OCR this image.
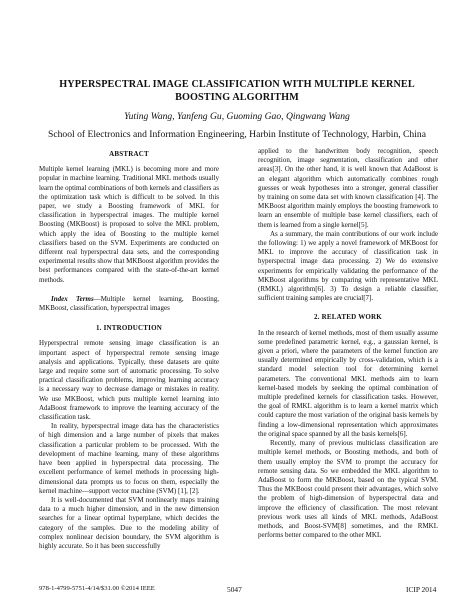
HYPERSPECTRAL IMAGE CLASSIFICATION WITH MULTIPLE KERNEL BOOSTING ALGORITHM
Yuting Wang, Yanfeng Gu, Guoming Gao, Qingwang Wang
School of Electronics and Information Engineering, Harbin Institute of Technology, Harbin, China
ABSTRACT

Multiple kernel learning (MKL) is becoming more and more popular in machine learning. Traditional MKL methods usually learn the optimal combinations of both kernels and classifiers as the optimization task which is difficult to be solved. In this paper, we study a Boosting framework of MKL for classification in hyperspectral images. The multiple kernel Boosting (MKBoost) is proposed to solve the MKL problem, which apply the idea of Boosting to the multiple kernel classifiers based on the SVM. Experiments are conducted on different real hyperspectral data sets, and the corresponding experimental results show that MKBoost algorithm provides the best performances compared with the state-of-the-art kernel methods.

Index Terms—Multiple kernel learning, Boosting, MKBoost, classification, hyperspectral images

1. INTRODUCTION

Hyperspectral remote sensing image classification is an important aspect of hyperspectral remote sensing image analysis and applications. Typically, these datasets are quite large and require some sort of automatic processing. To solve practical classification problems, improving learning accuracy is a necessary way to decrease damage or mistakes in reality. We use MKBoost, which puts multiple kernel learning into AdaBoost framework to improve the learning accuracy of the classification task.

In reality, hyperspectral image data has the characteristics of high dimension and a large number of pixels that makes classification a particular problem to be processed. With the development of machine learning, many of these algorithms have been applied in hyperspectral data processing. The excellent performance of kernel methods in processing high-dimensional data prompts us to focus on them, especially the kernel machine—support vector machine (SVM) [1], [2].

It is well-documented that SVM nonlinearly maps training data to a much higher dimension, and in the new dimension searches for a linear optimal hyperplane, which decides the category of the samples. Due to the modeling ability of complex nonlinear decision boundary, the SVM algorithm is highly accurate. So it has been successfully

applied to the handwritten body recognition, speech recognition, image segmentation, classification and other areas[3]. On the other hand, it is well known that AdaBoost is an elegant algorithm which automatically combines rough guesses or weak hypotheses into a stronger, general classifier by training on some data set with known classification [4]. The MKBoost algorithm mainly employs the boosting framework to learn an ensemble of multiple base kernel classifiers, each of them is learned from a single kernel[5].

As a summary, the main contributions of our work include the following: 1) we apply a novel framework of MKBoost for MKL to improve the accuracy of classification task in hyperspectral image data processing. 2) We do extensive experiments for empirically validating the performance of the MKBoost algorithms by comparing with representative MKL (RMKL) algorithm[6]. 3) To design a reliable classifier, sufficient training samples are crucial[7].

2. RELATED WORK

In the research of kernel methods, most of them usually assume some predefined parametric kernel, e.g., a gaussian kernel, is given a priori, where the parameters of the kernel function are usually determined empirically by cross-validation, which is a standard model selection tool for determining kernel parameters. The conventional MKL methods aim to learn kernel-based models by seeking the optimal combination of multiple predefined kernels for classification tasks. However, the goal of RMKL algorithm is to learn a kernel matrix which could capture the most variation of the original basis kernels by finding a low-dimensional representation which approximates the original space spanned by all the basis kernels[6].

Recently, many of previous multiclass classification are multiple kernel methods, or Boosting methods, and both of them usually employ the SVM to prompt the accuracy for remote sensing data. So we embedded the MKL algorithm to AdaBoost to form the MKBoost, based on the typical SVM. Thus the MKBoost could present their advantages, which solve the problem of high-dimension of hyperspectral data and improve the efficiency of classification. The most relevant previous work uses all kinds of MKL methods, AdaBoost methods, and Boost-SVM[8] sometimes, and the RMKL performs better compared to the other MKL

978-1-4799-5751-4/14/$31.00 ©2014 IEEE	5047	ICIP 2014
